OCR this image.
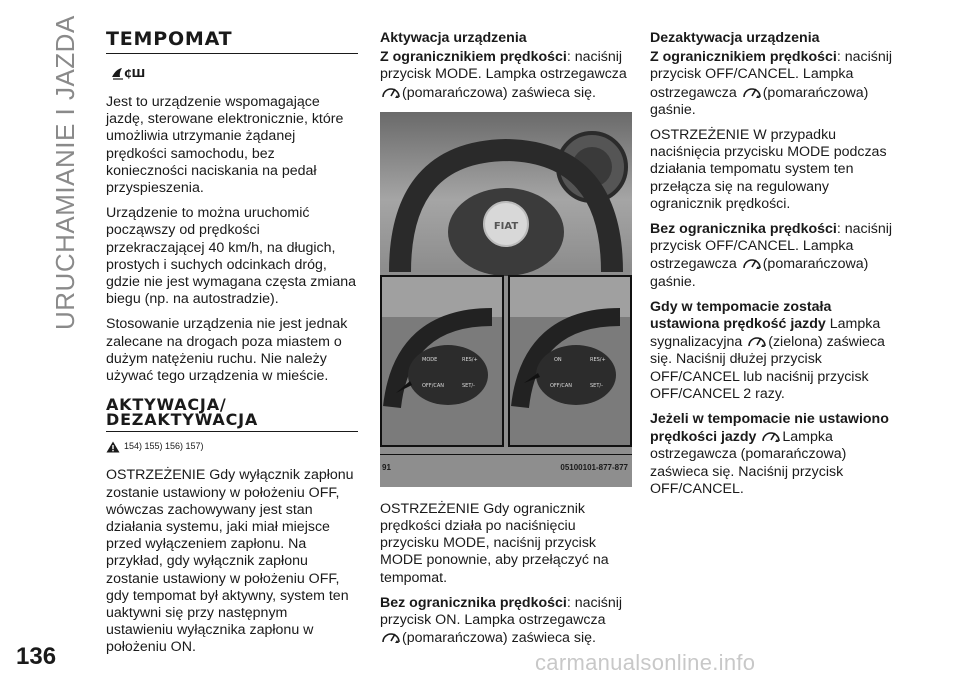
URUCHAMIANIE I JAZDA
136	carmanualsonline.info
TEMPOMAT
₵Ш

Jest to urządzenie wspomagające jazdę, sterowane elektronicznie, które umożliwia utrzymanie żądanej prędkości samochodu, bez konieczności naciskania na pedał przyspieszenia.

Urządzenie to można uruchomić począwszy od prędkości przekraczającej 40 km/h, na długich, prostych i suchych odcinkach dróg, gdzie nie jest wymagana częsta zmiana biegu (np. na autostradzie).

Stosowanie urządzenia nie jest jednak zalecane na drogach poza miastem o dużym natężeniu ruchu. Nie należy używać tego urządzenia w mieście.

AKTYWACJA/
DEZAKTYWACJA
154) 155) 156) 157)

OSTRZEŻENIE Gdy wyłącznik zapłonu zostanie ustawiony w położeniu OFF, wówczas zachowywany jest stan działania systemu, jaki miał miejsce przed wyłączeniem zapłonu. Na przykład, gdy wyłącznik zapłonu zostanie ustawiony w położeniu OFF, gdy tempomat był aktywny, system ten uaktywni się przy następnym ustawieniu wyłącznika zapłonu w położeniu ON.

Aktywacja urządzenia

Z ogranicznikiem prędkości: naciśnij przycisk MODE. Lampka ostrzegawcza
(pomarańczowa) zaświeca się.

FIAT
MODE	RES/+
OFF/CAN	SET/-
ON	RES/+
OFF/CAN	SET/-
91	05100101-877-877

OSTRZEŻENIE Gdy ogranicznik prędkości działa po naciśnięciu przycisku MODE, naciśnij przycisk MODE ponownie, aby przełączyć na tempomat.

Bez ogranicznika prędkości: naciśnij przycisk ON. Lampka ostrzegawcza
(pomarańczowa) zaświeca się.

Dezaktywacja urządzenia

Z ogranicznikiem prędkości: naciśnij przycisk OFF/CANCEL. Lampka ostrzegawcza (pomarańczowa) gaśnie.

OSTRZEŻENIE W przypadku naciśnięcia przycisku MODE podczas działania tempomatu system ten przełącza się na regulowany ogranicznik prędkości.

Bez ogranicznika prędkości: naciśnij przycisk OFF/CANCEL. Lampka ostrzegawcza (pomarańczowa) gaśnie.

Gdy w tempomacie została ustawiona prędkość jazdy Lampka sygnalizacyjna (zielona) zaświeca się. Naciśnij dłużej przycisk OFF/CANCEL lub naciśnij przycisk OFF/CANCEL 2 razy.

Jeżeli w tempomacie nie ustawiono prędkości jazdy Lampka ostrzegawcza (pomarańczowa) zaświeca się. Naciśnij przycisk OFF/CANCEL.
